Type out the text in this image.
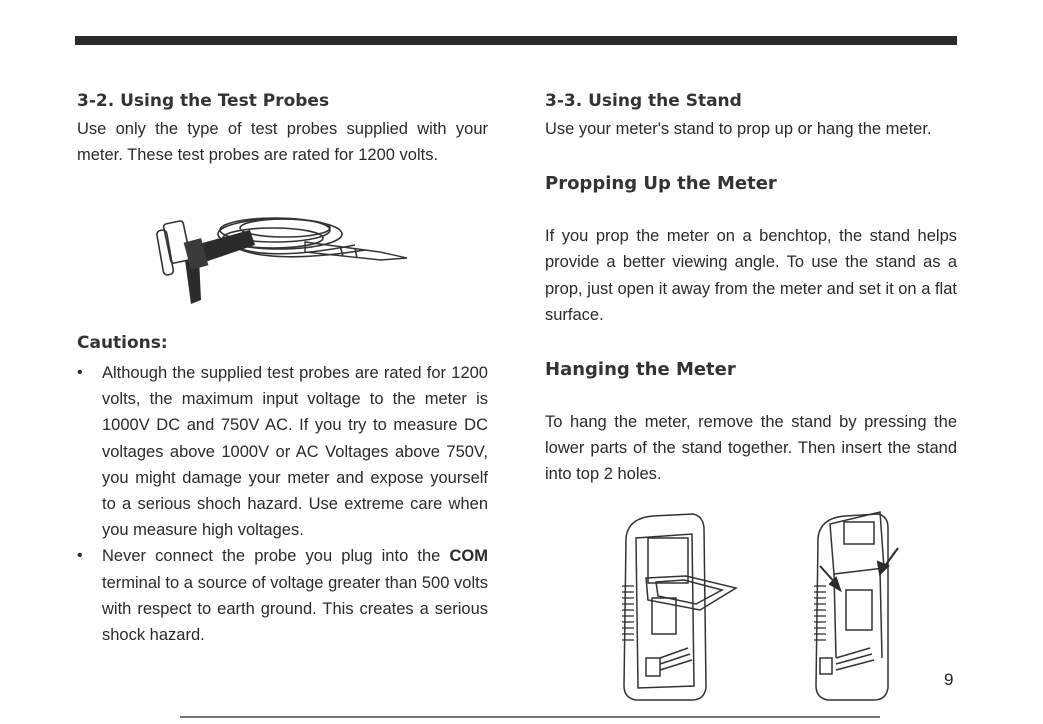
3-2. Using the Test Probes

Use only the type of test probes supplied with your meter. These test probes are rated for 1200 volts.

Cautions:
• Although the supplied test probes are rated for 1200 volts, the maximum input voltage to the meter is 1000V DC and 750V AC. If you try to measure DC voltages above 1000V or AC Voltages above 750V, you might damage your meter and expose yourself to a serious shoch hazard. Use extreme care when you measure high voltages.
• Never connect the probe you plug into the COM terminal to a source of voltage greater than 500 volts with respect to earth ground. This creates a serious shock hazard.
3-3. Using the Stand

Use your meter's stand to prop up or hang the meter.

Propping Up the Meter

If you prop the meter on a benchtop, the stand helps provide a better viewing angle. To use the stand as a prop, just open it away from the meter and set it on a flat surface.

Hanging the Meter

To hang the meter, remove the stand by pressing the lower parts of the stand together. Then insert the stand into top 2 holes.

9
